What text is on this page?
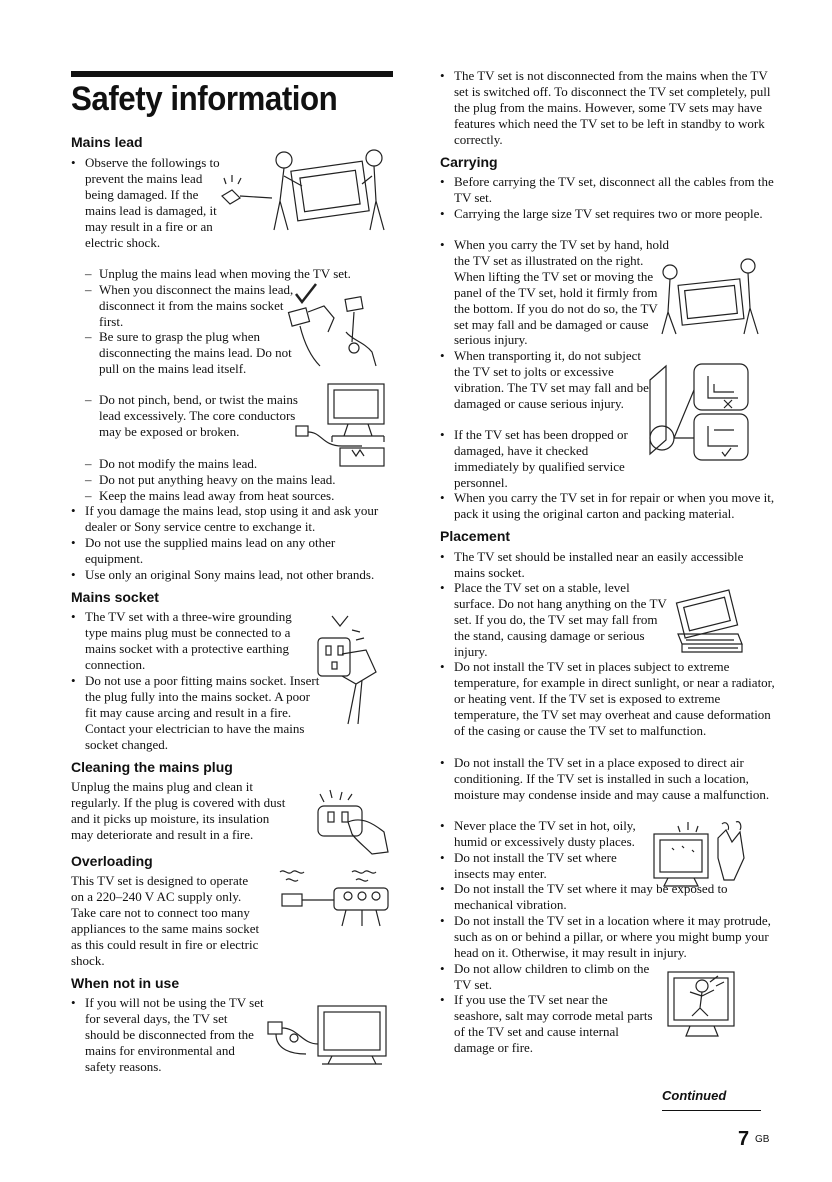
Safety information
Mains lead
• Observe the followings to prevent the mains lead being damaged. If the mains lead is damaged, it may result in a fire or an electric shock.
– Unplug the mains lead when moving the TV set.
– When you disconnect the mains lead, disconnect it from the mains socket first.
– Be sure to grasp the plug when disconnecting the mains lead. Do not pull on the mains lead itself.
– Do not pinch, bend, or twist the mains lead excessively. The core conductors may be exposed or broken.
– Do not modify the mains lead.
– Do not put anything heavy on the mains lead.
– Keep the mains lead away from heat sources.
• If you damage the mains lead, stop using it and ask your dealer or Sony service centre to exchange it.
• Do not use the supplied mains lead on any other equipment.
• Use only an original Sony mains lead, not other brands.
Mains socket
• The TV set with a three-wire grounding type mains plug must be connected to a mains socket with a protective earthing connection.
• Do not use a poor fitting mains socket. Insert the plug fully into the mains socket. A poor fit may cause arcing and result in a fire. Contact your electrician to have the mains socket changed.
Cleaning the mains plug
Unplug the mains plug and clean it regularly. If the plug is covered with dust and it picks up moisture, its insulation may deteriorate and result in a fire.
Overloading
This TV set is designed to operate on a 220–240 V AC supply only. Take care not to connect too many appliances to the same mains socket as this could result in fire or electric shock.
When not in use
• If you will not be using the TV set for several days, the TV set should be disconnected from the mains for environmental and safety reasons.
• The TV set is not disconnected from the mains when the TV set is switched off. To disconnect the TV set completely, pull the plug from the mains. However, some TV sets may have features which need the TV set to be left in standby to work correctly.
Carrying
• Before carrying the TV set, disconnect all the cables from the TV set.
• Carrying the large size TV set requires two or more people.
• When you carry the TV set by hand, hold the TV set as illustrated on the right. When lifting the TV set or moving the panel of the TV set, hold it firmly from the bottom. If you do not do so, the TV set may fall and be damaged or cause serious injury.
• When transporting it, do not subject the TV set to jolts or excessive vibration. The TV set may fall and be damaged or cause serious injury.
• If the TV set has been dropped or damaged, have it checked immediately by qualified service personnel.
• When you carry the TV set in for repair or when you move it, pack it using the original carton and packing material.
Placement
• The TV set should be installed near an easily accessible mains socket.
• Place the TV set on a stable, level surface. Do not hang anything on the TV set. If you do, the TV set may fall from the stand, causing damage or serious injury.
• Do not install the TV set in places subject to extreme temperature, for example in direct sunlight, or near a radiator, or heating vent. If the TV set is exposed to extreme temperature, the TV set may overheat and cause deformation of the casing or cause the TV set to malfunction.
• Do not install the TV set in a place exposed to direct air conditioning. If the TV set is installed in such a location, moisture may condense inside and may cause a malfunction.
• Never place the TV set in hot, oily, humid or excessively dusty places.
• Do not install the TV set where insects may enter.
• Do not install the TV set where it may be exposed to mechanical vibration.
• Do not install the TV set in a location where it may protrude, such as on or behind a pillar, or where you might bump your head on it. Otherwise, it may result in injury.
• Do not allow children to climb on the TV set.
• If you use the TV set near the seashore, salt may corrode metal parts of the TV set and cause internal damage or fire.
Continued
7 GB
